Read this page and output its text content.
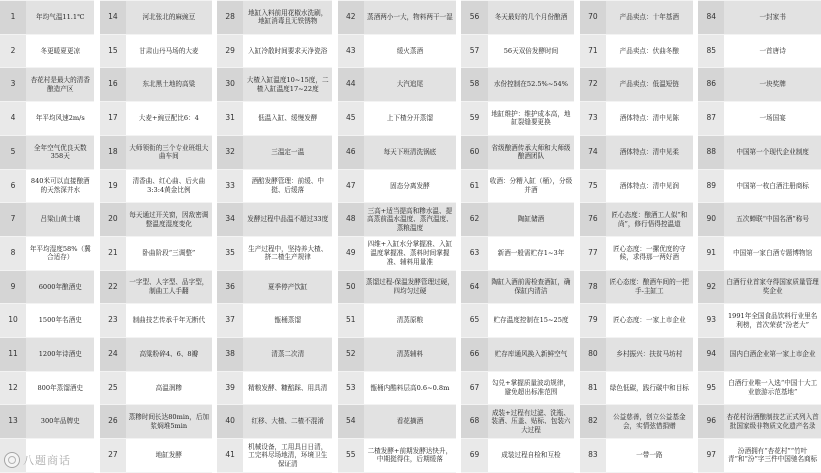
1	年均气温11.1℃		14	河北张北的麻豌豆		28	地缸入料前用花椒水洗刷，地缸消毒且无铁锈物		42	蒸酒两小一大，物料两干一湿		56	冬天最好的几个月份酿酒		70	产品卖点：十年基酒		84	一封家书
2	冬更暖夏更凉		15	甘肃山丹马场的大麦		29	入缸冷散时间要求天净瓷浴		43	缓火蒸酒		57	56天双倍发酵时间		71	产品卖点：伏曲冬酿		85	一首唐诗
3	杏花村是最大的清香酿造产区		16	东北黑土地的高粱		30	大楂入缸温度10~15度，二楂入缸温度17~22度		44	大汽追尾		58	水份控制在52.5%~54%		72	产品卖点：低温短链		86	一块奖牌
4	年平均风速2m/s		17	大麦+豌豆配比6：4		31	低温入缸、缓慢发酵		45	上下楂分开蒸馏		59	地缸维护：维护成本高，地缸裂缝要更换		73	酒体特点：清中见陈		87	一场国宴
5	全年空气优良天数358天		18	大师领衔的三个专业班组大曲车间		32	三温定一温		46	每天下班清洗锅底		60	省级酿酒传承大师和大师级酿酒团队		74	酒体特点：清中见柔		88	中国第一个现代企业制度
6	840米可以直接酿酒的天然深井水		19	清香曲、红心曲、后火曲3:3:4黄金比例		33	酒醅发酵管理：前缓、中挺、后缓落		47	固态分离发酵		61	收酒：分糟入缸（桶），分级并酒		75	酒体特点：清中见润		89	中国第一枚白酒注册商标
7	吕梁山黄土壤		20	每天通过开关窗，因敌密调整温度湿度变化		34	发酵过程中品温不超过33度		48	三高+适当提高和糁水温、提高蒸前温水温度、蒸汽温度、蒸粮温度		62	陶缸储酒		76	匠心态度：酿酒工人似“和尚”，修行悟得控温道		90	五次蝉联“中国名酒”称号
8	年平均湿度58%（冀合适存）		21	卧曲阶段“三调整”		35	生产过程中，坚持养大楂、挤二楂生产规律		49	四维+入缸水分掌握准、入缸温度掌握准、蒸料时间掌握准、辅料用量准		63	新酒一般需贮存1~3年		77	匠心态度：一摞优度的守候，求得那一两好酒		91	中国第一家白酒专题博物馆
9	6000年酿酒史		22	一字型、人字型、品字型，制曲工人手翻		36	夏季停产饮缸		50	蒸馏过程-保温发酵管理过硬，四均匀过硬		64	陶缸入酒前需检查酒缸，确保缸内清洁		78	匠心态度：酿酒车间的一把手-主缸工		92	白酒行业首家夺得国家质量管理奖企业
10	1500年名酒史		23	制曲技艺传承千年无断代		37	甑桶蒸馏		51	清蒸原粮		65	贮存温度控制在15~25度		79	匠心态度：一家上市企业		93	1991年全国食品饮料行业里名利榜，首次荣获“汾老大”
11	1200年诗酒史		24	高粱粉碎4、6、8瓣		38	清蒸二次清		52	清蒸辅料		66	贮存库通风换入新鲜空气		80	乡村振兴：扶贫马坊村		94	国内白酒企业第一家上市企业
12	800年蒸馏酒史		25	高温润糁		39	精粮发酵、糠醅踩、用具清		53	甑桶内酷料层高0.6~0.8m		67	勾兑+掌握质量波动规律，避免超出标准范围		81	绿色低碳，践行碳中和目标		95	白酒行业唯一入选“中国十大工业旅游示范基地”
13	300年品牌史		26	蒸糁时间长达80min，后加浆焖堆5min		40	红移、大楂、二楂不混淆		54	看花摘酒		68	成装+过程有过滤、洗瓶、装酒、压盖、贴标、包装六大过程		82	公益慈善，创立公益基金会，实情弦惜捐赠		96	杏花村汾酒酿制技艺正式列入首批国家级非物质文化遗产名录
			27	地缸发酵		41	机械设备，工用具日日清，工完料尽场地清，环境卫生保证清		55	二楂发酵+前期发酵达快升，中期挺得住，后期缓落		69	成装过程自检和互检		83	一带一路		97	汾酒拥有“杏花村”“竹叶青”和“汾”字三件中国驰名商标
八题商话
